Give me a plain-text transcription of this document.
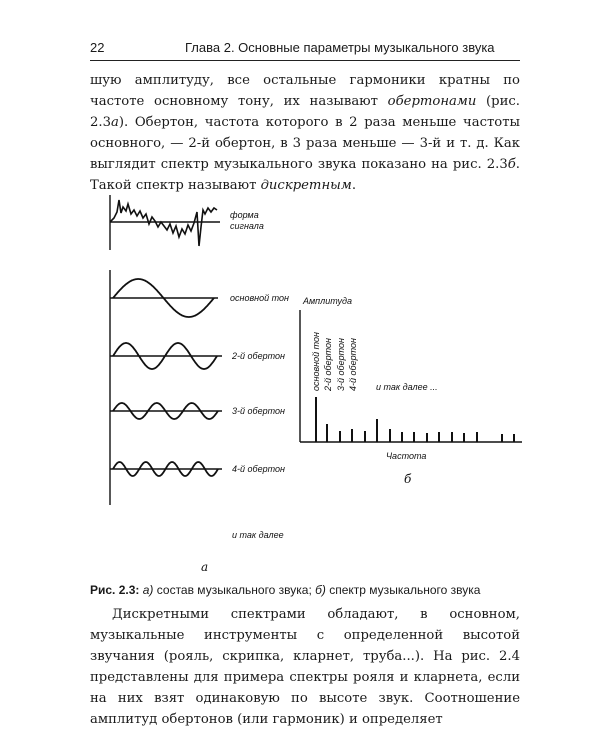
22	Глава 2. Основные параметры музыкального звука
шую амплитуду, все остальные гармоники кратны по частоте основному тону, их называют обертонами (рис. 2.3а). Обертон, частота которого в 2 раза меньше частоты основного, — 2-й обертон, в 3 раза меньше — 3-й и т. д. Как выглядит спектр музыкального звука показано на рис. 2.3б. Такой спектр называют дискретным.
форма
сигнала
основной тон
2-й обертон
3-й обертон
4-й обертон
и так далее
а
Амплитуда
Частота
и так далее ...
основной тон 2-й обертон 3-й обертон 4-й обертон
б
Рис. 2.3: а) состав музыкального звука; б) спектр музыкального звука
Дискретными спектрами обладают, в основном, музыкальные инструменты с определенной высотой звучания (рояль, скрипка, кларнет, труба...). На рис. 2.4 представлены для примера спектры рояля и кларнета, если на них взят одинаковую по высоте звук. Соотношение амплитуд обертонов (или гармоник) и определяет
